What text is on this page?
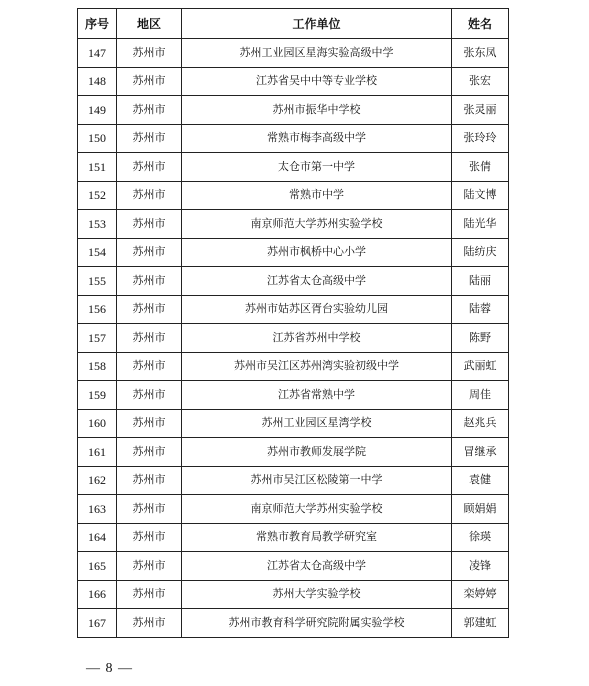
序号	地区	工作单位	姓名
147	苏州市	苏州工业园区星海实验高级中学	张东凤
148	苏州市	江苏省吴中中等专业学校	张宏
149	苏州市	苏州市振华中学校	张灵丽
150	苏州市	常熟市梅李高级中学	张玲玲
151	苏州市	太仓市第一中学	张倩
152	苏州市	常熟市中学	陆文博
153	苏州市	南京师范大学苏州实验学校	陆光华
154	苏州市	苏州市枫桥中心小学	陆纺庆
155	苏州市	江苏省太仓高级中学	陆丽
156	苏州市	苏州市姑苏区胥台实验幼儿园	陆蓉
157	苏州市	江苏省苏州中学校	陈野
158	苏州市	苏州市吴江区苏州湾实验初级中学	武丽虹
159	苏州市	江苏省常熟中学	周佳
160	苏州市	苏州工业园区星湾学校	赵兆兵
161	苏州市	苏州市教师发展学院	冒继承
162	苏州市	苏州市吴江区松陵第一中学	袁健
163	苏州市	南京师范大学苏州实验学校	顾娟娟
164	苏州市	常熟市教育局教学研究室	徐瑛
165	苏州市	江苏省太仓高级中学	凌锋
166	苏州市	苏州大学实验学校	栾婷婷
167	苏州市	苏州市教育科学研究院附属实验学校	郭建虹
— 8 —
